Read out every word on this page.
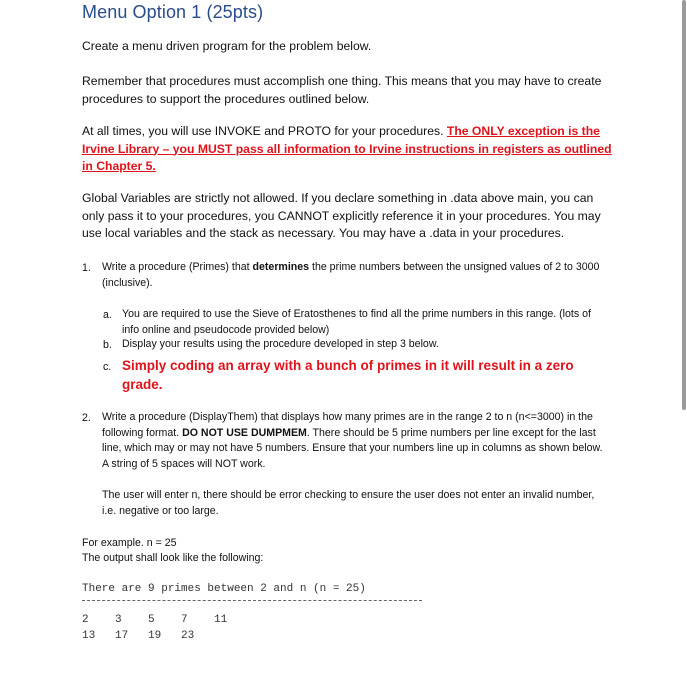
Menu Option 1 (25pts)

Create a menu driven program for the problem below.

Remember that procedures must accomplish one thing. This means that you may have to create procedures to support the procedures outlined below.

At all times, you will use INVOKE and PROTO for your procedures. The ONLY exception is the Irvine Library – you MUST pass all information to Irvine instructions in registers as outlined in Chapter 5.

Global Variables are strictly not allowed. If you declare something in .data above main, you can only pass it to your procedures, you CANNOT explicitly reference it in your procedures. You may use local variables and the stack as necessary. You may have a .data in your procedures.

1. Write a procedure (Primes) that determines the prime numbers between the unsigned values of 2 to 3000 (inclusive).

a. You are required to use the Sieve of Eratosthenes to find all the prime numbers in this range. (lots of info online and pseudocode provided below)

b. Display your results using the procedure developed in step 3 below.

c. Simply coding an array with a bunch of primes in it will result in a zero grade.

2. Write a procedure (DisplayThem) that displays how many primes are in the range 2 to n (n<=3000) in the following format. DO NOT USE DUMPMEM. There should be 5 prime numbers per line except for the last line, which may or may not have 5 numbers. Ensure that your numbers line up in columns as shown below. A string of 5 spaces will NOT work.

The user will enter n, there should be error checking to ensure the user does not enter an invalid number, i.e. negative or too large.

For example. n = 25

The output shall look like the following:

There are 9 primes between 2 and n (n = 25)
2    3    5    7    11
13   17   19   23
